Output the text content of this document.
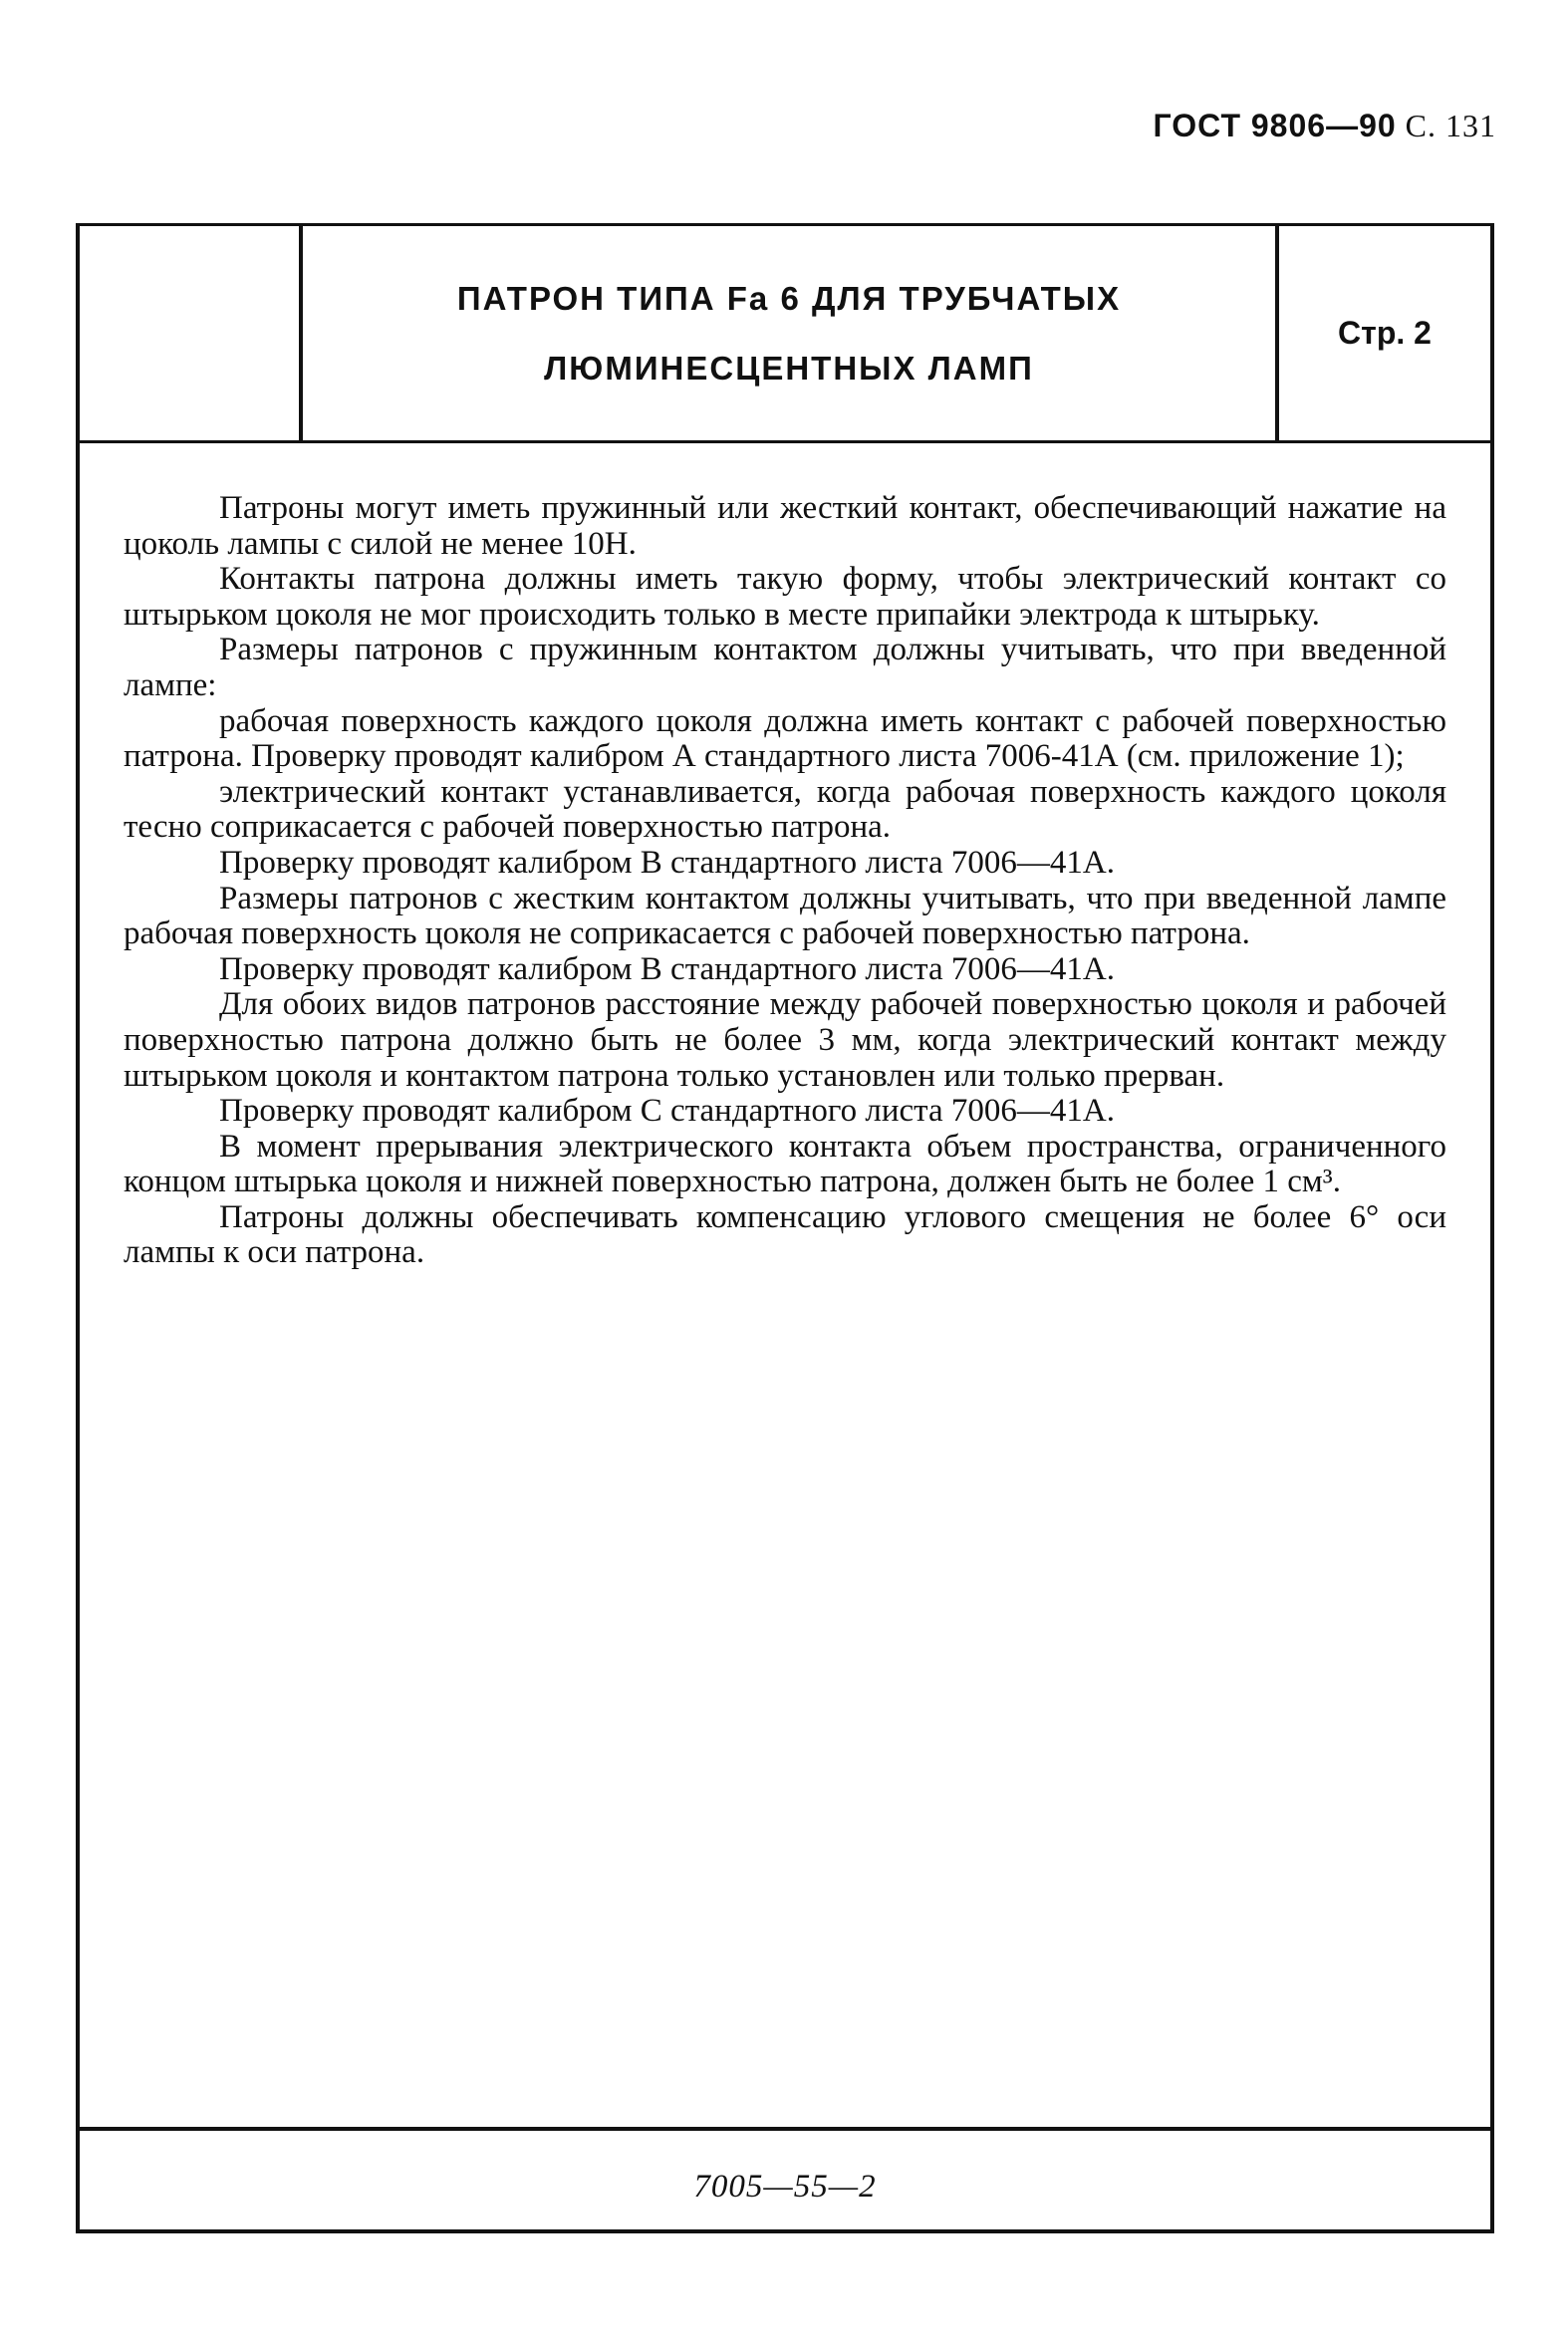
ГОСТ 9806—90 С. 131
ПАТРОН ТИПА Fa 6 ДЛЯ ТРУБЧАТЫХ
ЛЮМИНЕСЦЕНТНЫХ ЛАМП
Стр. 2

Патроны могут иметь пружинный или жесткий контакт, обеспечивающий нажатие на цоколь лампы с силой не менее 10Н.

Контакты патрона должны иметь такую форму, чтобы электрический контакт со штырьком цоколя не мог происходить только в месте припайки электрода к штырьку.

Размеры патронов с пружинным контактом должны учитывать, что при введенной лампе:

рабочая поверхность каждого цоколя должна иметь контакт с рабочей поверхностью патрона. Проверку проводят калибром А стандартного листа 7006-41А (см. приложение 1);

электрический контакт устанавливается, когда рабочая поверхность каждого цоколя тесно соприкасается с рабочей поверхностью патрона.

Проверку проводят калибром В стандартного листа 7006—41А.

Размеры патронов с жестким контактом должны учитывать, что при введенной лампе рабочая поверхность цоколя не соприкасается с рабочей поверхностью патрона.

Проверку проводят калибром В стандартного листа 7006—41А.

Для обоих видов патронов расстояние между рабочей поверхностью цоколя и рабочей поверхностью патрона должно быть не более 3 мм, когда электрический контакт между штырьком цоколя и контактом патрона только установлен или только прерван.

Проверку проводят калибром С стандартного листа 7006—41А.

В момент прерывания электрического контакта объем пространства, ограниченного концом штырька цоколя и нижней поверхностью патрона, должен быть не более 1 см³.

Патроны должны обеспечивать компенсацию углового смещения не более 6° оси лампы к оси патрона.

7005—55—2
